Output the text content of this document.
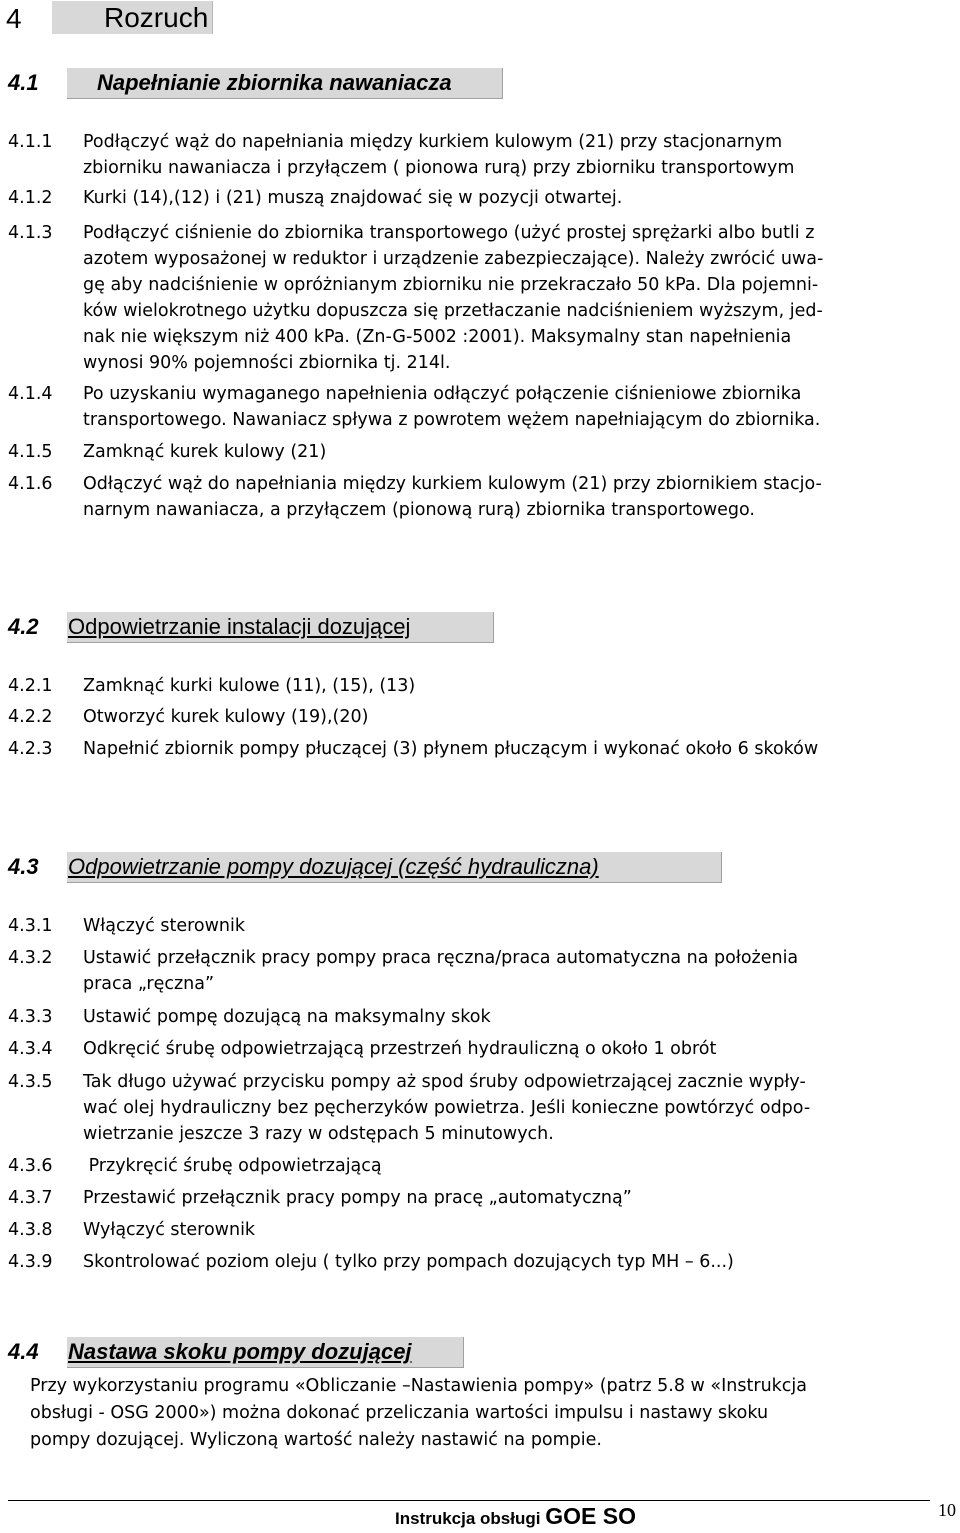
4	Rozruch
4.1	Napełnianie zbiornika nawaniacza
4.1.1 Podłączyć wąż do napełniania między kurkiem kulowym (21) przy stacjonarnym
zbiorniku nawaniacza i przyłączem ( pionowa rurą) przy zbiorniku transportowym
4.1.2 Kurki (14),(12) i (21) muszą znajdować się w pozycji otwartej.
4.1.3 Podłączyć ciśnienie do zbiornika transportowego (użyć prostej sprężarki albo butli z
azotem wyposażonej w reduktor i urządzenie zabezpieczające). Należy zwrócić uwa-
gę aby nadciśnienie w opróżnianym zbiorniku nie przekraczało 50 kPa. Dla pojemni-
ków wielokrotnego użytku dopuszcza się przetłaczanie nadciśnieniem wyższym, jed-
nak nie większym niż 400 kPa. (Zn-G-5002 :2001). Maksymalny stan napełnienia
wynosi 90% pojemności zbiornika tj. 214l.
4.1.4 Po uzyskaniu wymaganego napełnienia odłączyć połączenie ciśnieniowe zbiornika
transportowego. Nawaniacz spływa z powrotem wężem napełniającym do zbiornika.
4.1.5 Zamknąć kurek kulowy (21)
4.1.6 Odłączyć wąż do napełniania między kurkiem kulowym (21) przy zbiornikiem stacjo-
narnym nawaniacza, a przyłączem (pionową rurą) zbiornika transportowego.
4.2 Odpowietrzanie instalacji dozującej
4.2.1 Zamknąć kurki kulowe (11), (15), (13)
4.2.2 Otworzyć kurek kulowy (19),(20)
4.2.3 Napełnić zbiornik pompy płuczącej (3) płynem płuczącym i wykonać około 6 skoków
4.3 Odpowietrzanie pompy dozującej (część hydrauliczna)
4.3.1 Włączyć sterownik
4.3.2 Ustawić przełącznik pracy pompy praca ręczna/praca automatyczna na położenia
praca „ręczna”
4.3.3 Ustawić pompę dozującą na maksymalny skok
4.3.4 Odkręcić śrubę odpowietrzającą przestrzeń hydrauliczną o około 1 obrót
4.3.5 Tak długo używać przycisku pompy aż spod śruby odpowietrzającej zacznie wypły-
wać olej hydrauliczny bez pęcherzyków powietrza. Jeśli konieczne powtórzyć odpo-
wietrzanie jeszcze 3 razy w odstępach 5 minutowych.
4.3.6 Przykręcić śrubę odpowietrzającą
4.3.7 Przestawić przełącznik pracy pompy na pracę „automatyczną”
4.3.8 Wyłączyć sterownik
4.3.9 Skontrolować poziom oleju ( tylko przy pompach dozujących typ MH – 6...)
4.4 Nastawa skoku pompy dozującej
Przy wykorzystaniu programu «Obliczanie –Nastawienia pompy» (patrz 5.8 w «Instrukcja
obsługi - OSG 2000») można dokonać przeliczania wartości impulsu i nastawy skoku
pompy dozującej. Wyliczoną wartość należy nastawić na pompie.
Instrukcja obsługi GOE SO	10
